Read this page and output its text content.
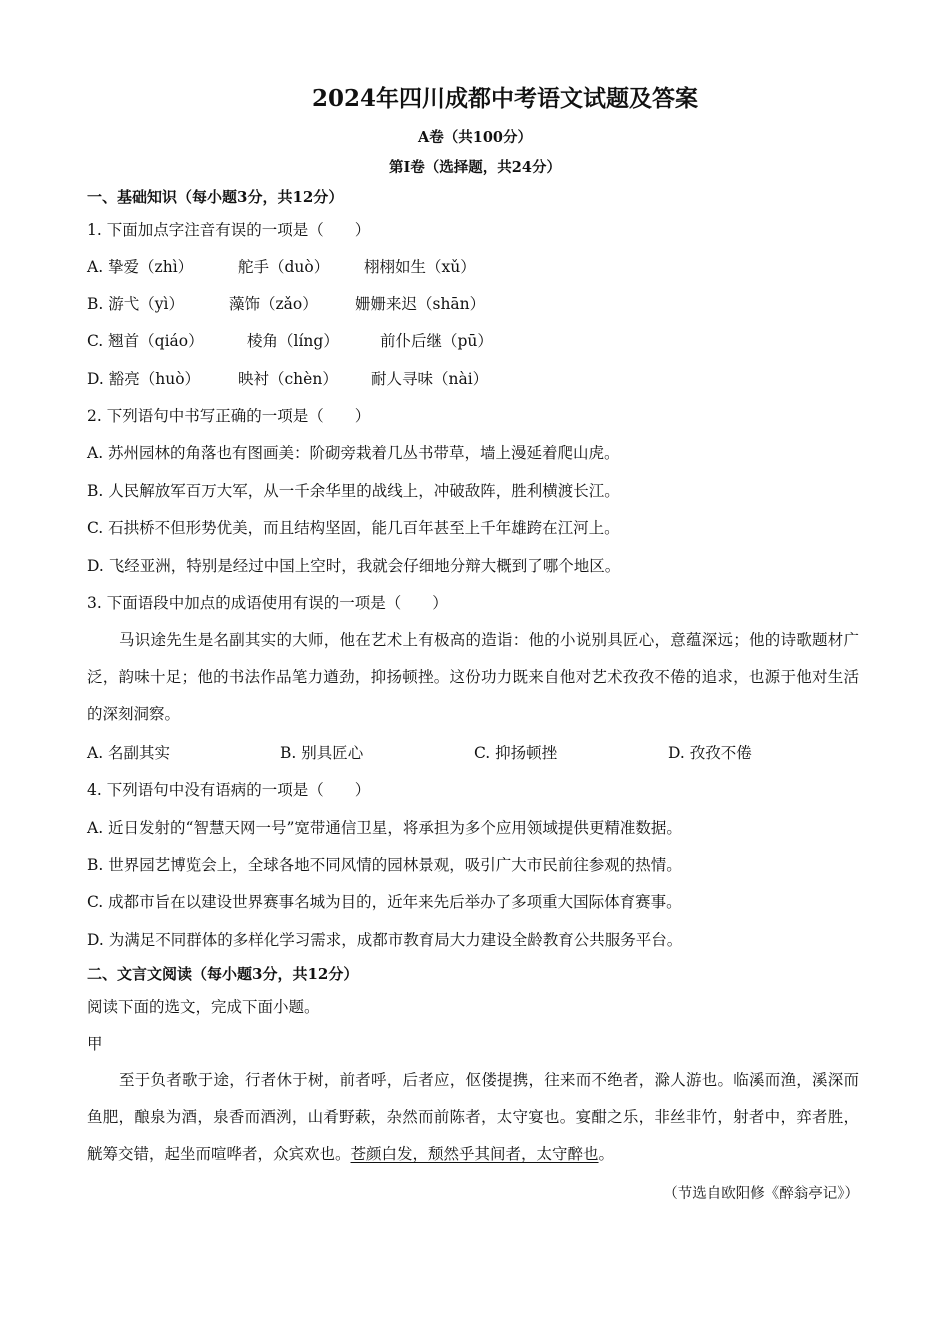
2024年四川成都中考语文试题及答案
A卷（共100分）
第Ⅰ卷（选择题，共24分）
一、基础知识（每小题3分，共12分）
1. 下面加点字注音有误的一项是（　　）
A. 挚爱（zhì）	舵手（duò） 栩栩如生（xǔ）
B. 游弋（yì）	藻饰（zǎo） 姗姗来迟（shān）
C. 翘首（qiáo）	棱角（líng）	前仆后继（pū）
D. 豁亮（huò） 映衬（chèn） 耐人寻味（nài）
2. 下列语句中书写正确的一项是（　　）
A. 苏州园林的角落也有图画美：阶砌旁栽着几丛书带草，墙上漫延着爬山虎。
B. 人民解放军百万大军，从一千余华里的战线上，冲破敌阵，胜利横渡长江。
C. 石拱桥不但形势优美，而且结构坚固，能几百年甚至上千年雄跨在江河上。
D. 飞经亚洲，特别是经过中国上空时，我就会仔细地分辩大概到了哪个地区。
3. 下面语段中加点的成语使用有误的一项是（　　）
马识途先生是名副其实的大师，他在艺术上有极高的造诣：他的小说别具匠心，意蕴深远；他的诗歌题材广泛，韵味十足；他的书法作品笔力遒劲，抑扬顿挫。这份功力既来自他对艺术孜孜不倦的追求，也源于他对生活的深刻洞察。
A. 名副其实	B. 别具匠心	C. 抑扬顿挫	D. 孜孜不倦
4. 下列语句中没有语病的一项是（　　）
A. 近日发射的“智慧天网一号”宽带通信卫星，将承担为多个应用领域提供更精准数据。
B. 世界园艺博览会上，全球各地不同风情的园林景观，吸引广大市民前往参观的热情。
C. 成都市旨在以建设世界赛事名城为目的，近年来先后举办了多项重大国际体育赛事。
D. 为满足不同群体的多样化学习需求，成都市教育局大力建设全龄教育公共服务平台。
二、文言文阅读（每小题3分，共12分）
阅读下面的选文，完成下面小题。
甲
至于负者歌于途，行者休于树，前者呼，后者应，伛偻提携，往来而不绝者，滁人游也。临溪而渔，溪深而鱼肥，酿泉为酒，泉香而酒洌，山肴野蔌，杂然而前陈者，太守宴也。宴酣之乐，非丝非竹，射者中，弈者胜，觥筹交错，起坐而喧哗者，众宾欢也。苍颜白发，颓然乎其间者，太守醉也。
（节选自欧阳修《醉翁亭记》）
